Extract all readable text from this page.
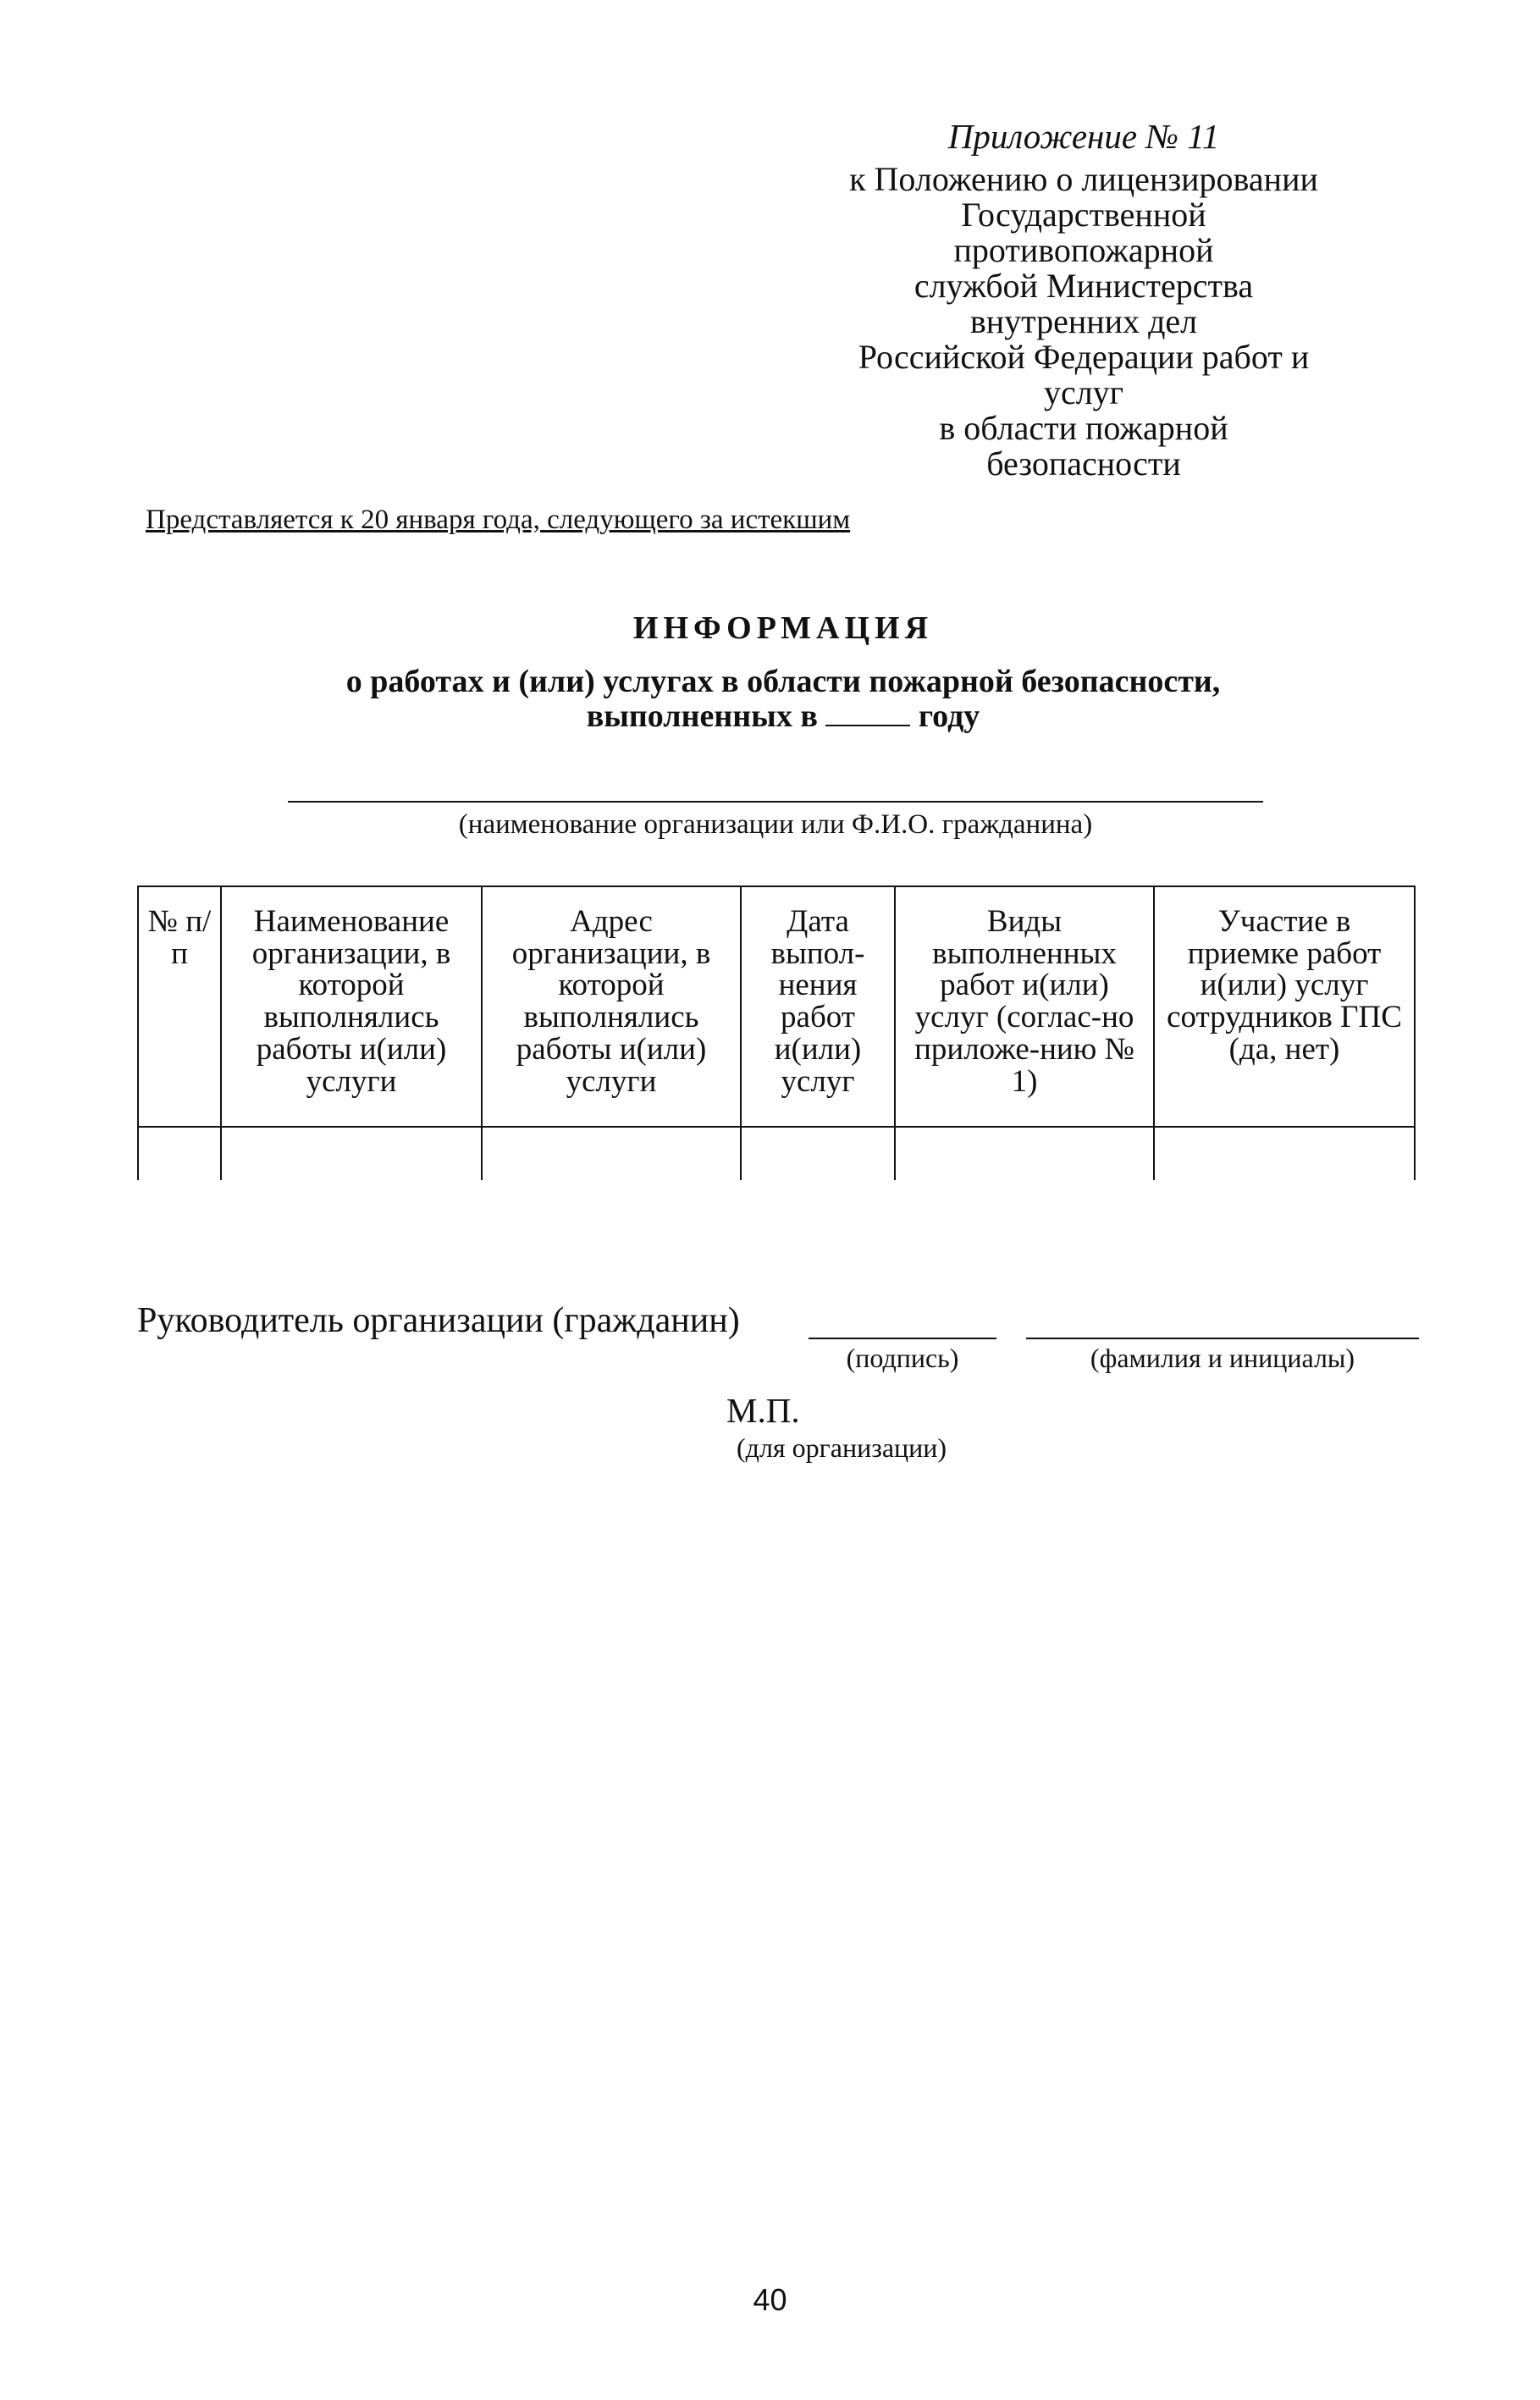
Приложение № 11
к Положению о лицензировании
Государственной противопожарной
службой Министерства внутренних дел
Российской Федерации работ и услуг
в области пожарной безопасности
Представляется к 20 января года, следующего за истекшим
ИНФОРМАЦИЯ
о работах и (или) услугах в области пожарной безопасности,
выполненных в	году
(наименование организации или Ф.И.О. гражданина)
№ п/п	Наименование организации, в которой выполнялись работы и(или) услуги	Адрес организации, в которой выполнялись работы и(или) услуги	Дата выпол-нения работ и(или) услуг	Виды выполненных работ и(или) услуг (соглас-но приложе-нию № 1)	Участие в приемке работ и(или) услуг сотрудников ГПС (да, нет)

Руководитель организации (гражданин)
(подпись)	(фамилия и инициалы)
М.П.
(для организации)
40
